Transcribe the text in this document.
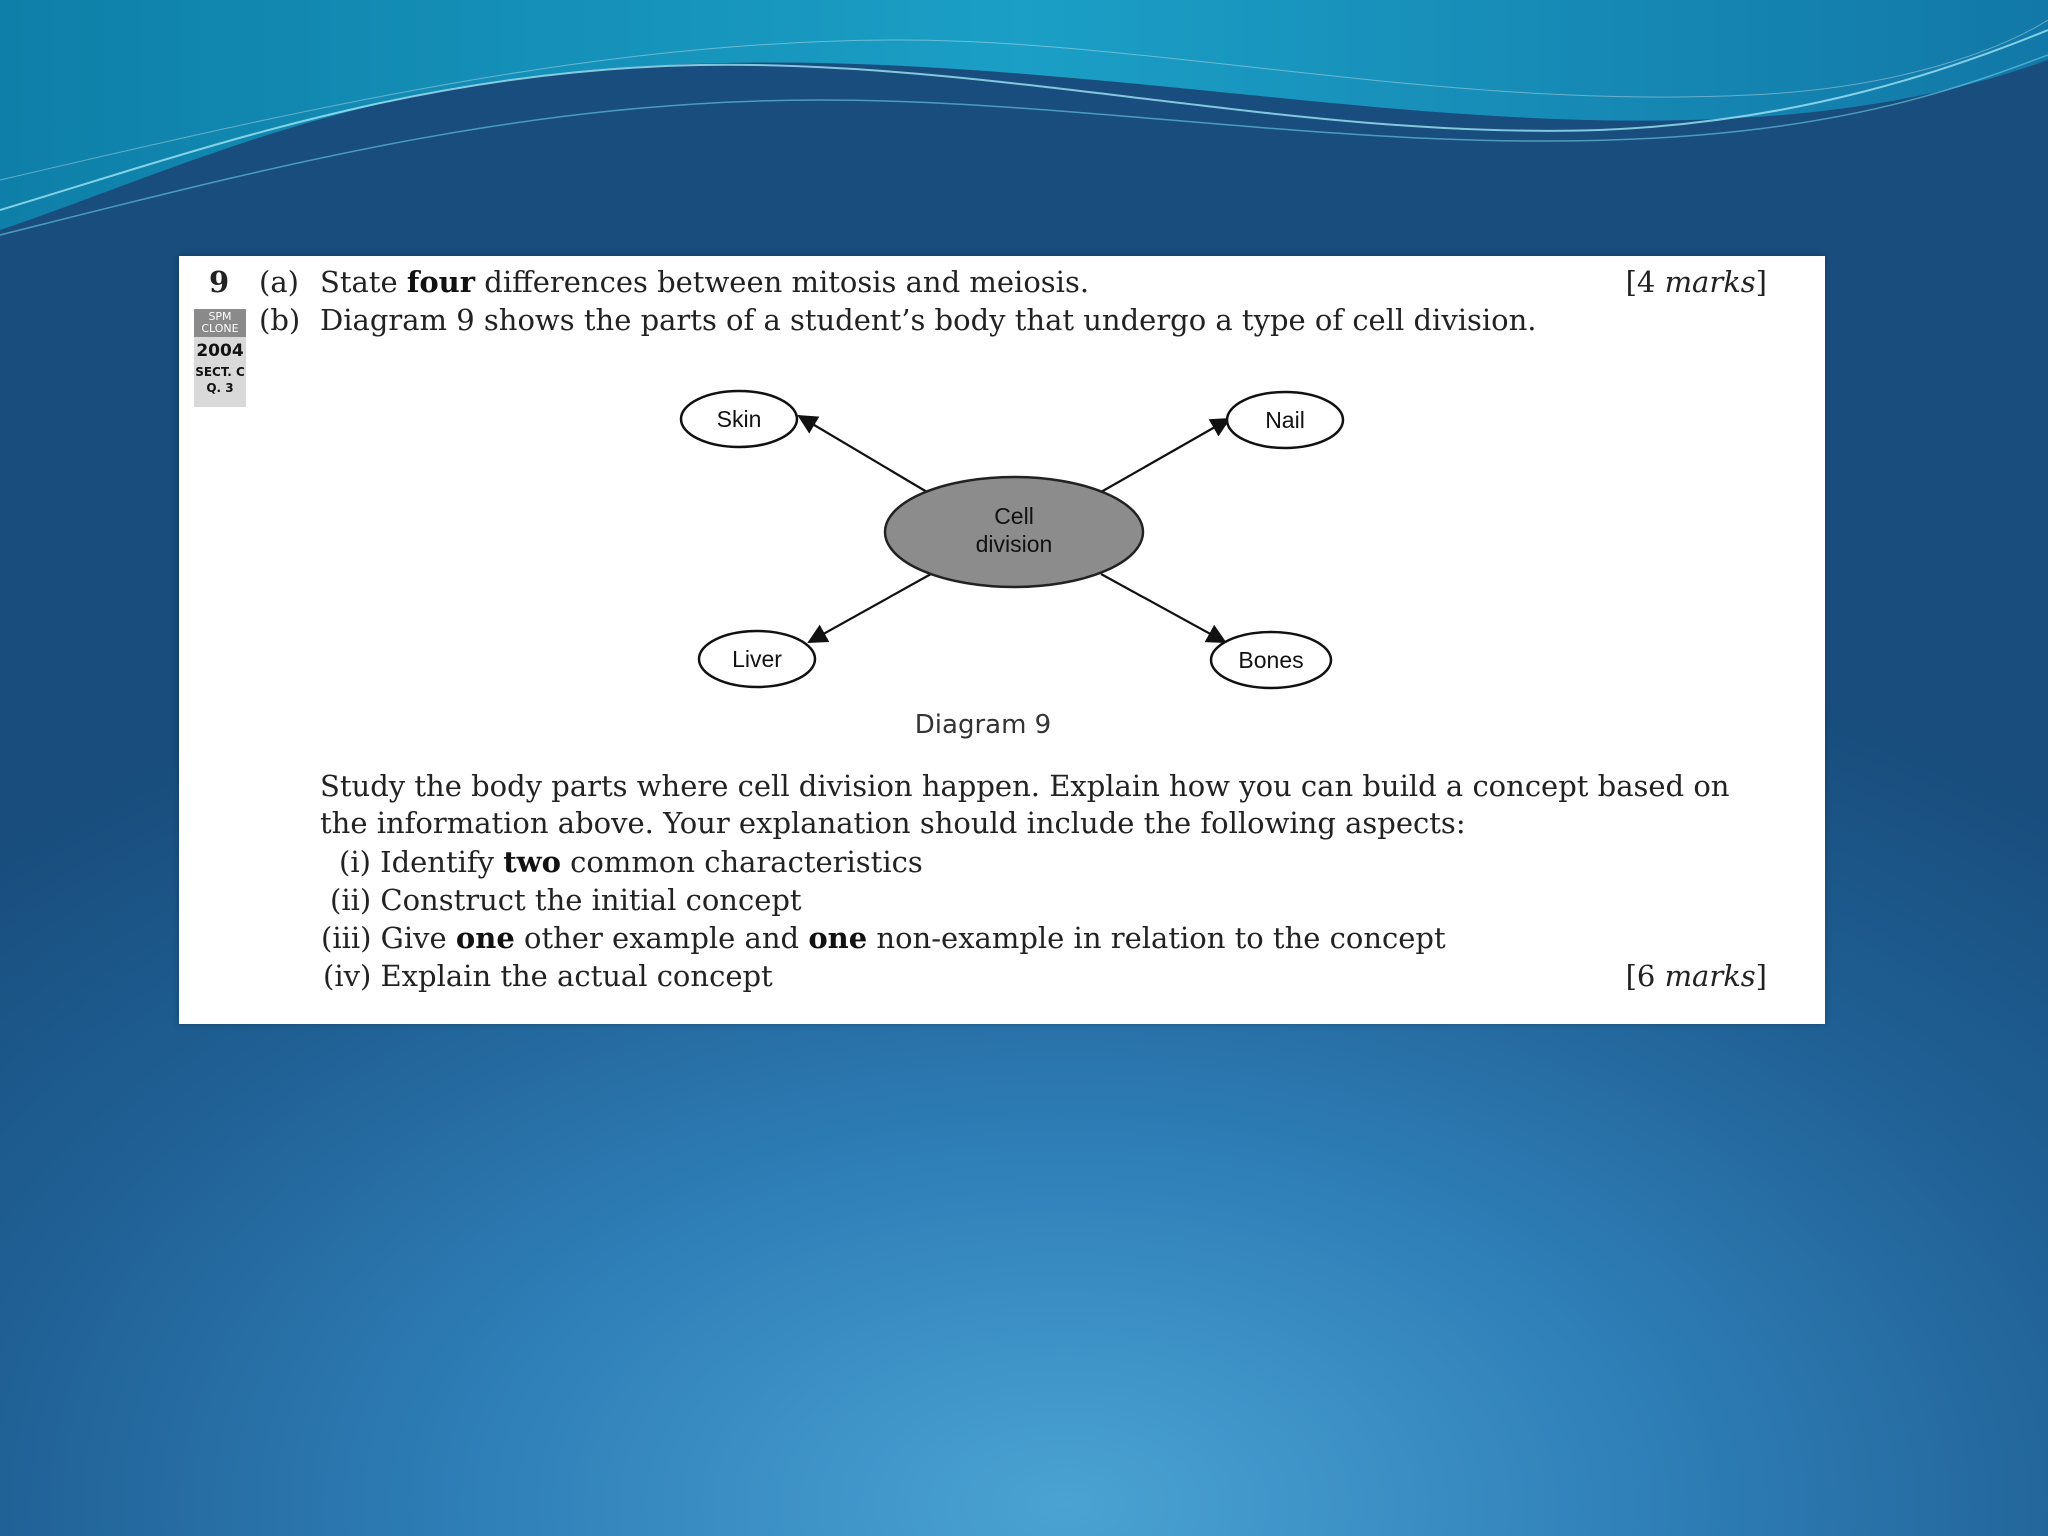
Cell
division
Skin	Nail
Liver	Bones
Diagram 9
9 (a) State four differences between mitosis and meiosis.	[4 marks]
SPM CLONE
2004
SECT. C
Q. 3
(b) Diagram 9 shows the parts of a student’s body that undergo a type of cell division.
Study the body parts where cell division happen. Explain how you can build a concept based on
the information above. Your explanation should include the following aspects:
(i) Identify two common characteristics
(ii) Construct the initial concept
(iii) Give one other example and one non-example in relation to the concept
(iv) Explain the actual concept	[6 marks]
